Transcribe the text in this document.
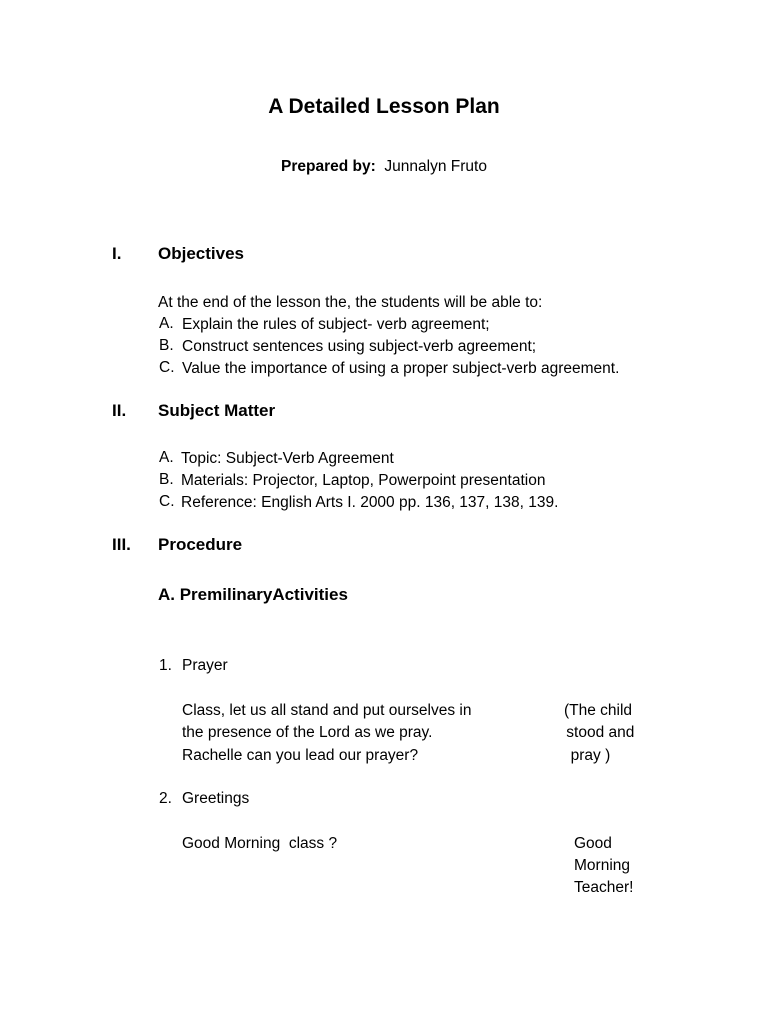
A Detailed Lesson Plan
Prepared by: Junnalyn Fruto
I. Objectives
At the end of the lesson the, the students will be able to:
A. Explain the rules of subject- verb agreement;
B. Construct sentences using subject-verb agreement;
C. Value the importance of using a proper subject-verb agreement.
II. Subject Matter
A. Topic: Subject-Verb Agreement
B. Materials: Projector, Laptop, Powerpoint presentation
C. Reference: English Arts I. 2000 pp. 136, 137, 138, 139.
III. Procedure
A. PremilinaryActivities
1. Prayer
Class, let us all stand and put ourselves in
the presence of the Lord as we pray.
Rachelle can you lead our prayer?
(The child
stood and
pray )
2. Greetings
Good Morning  class ?	Good
Morning
Teacher!
